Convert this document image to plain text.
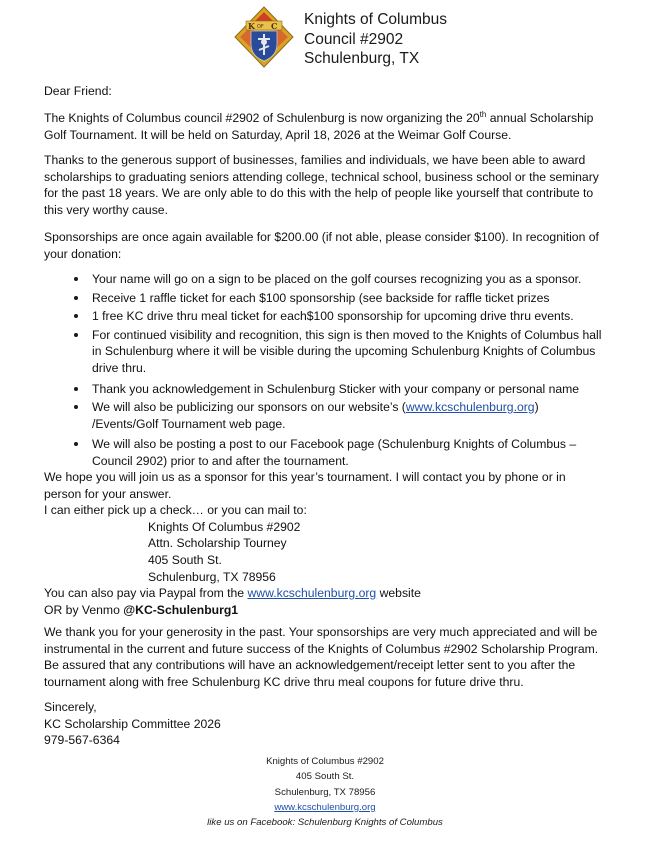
K OF C Knights of Columbus
Council #2902
Schulenburg, TX

Dear Friend:

The Knights of Columbus council #2902 of Schulenburg is now organizing the 20th annual Scholarship Golf Tournament. It will be held on Saturday, April 18, 2026 at the Weimar Golf Course.

Thanks to the generous support of businesses, families and individuals, we have been able to award scholarships to graduating seniors attending college, technical school, business school or the seminary for the past 18 years. We are only able to do this with the help of people like yourself that contribute to this very worthy cause.

Sponsorships are once again available for $200.00 (if not able, please consider $100). In recognition of your donation:

Your name will go on a sign to be placed on the golf courses recognizing you as a sponsor.
Receive 1 raffle ticket for each $100 sponsorship (see backside for raffle ticket prizes
1 free KC drive thru meal ticket for each$100 sponsorship for upcoming drive thru events.
For continued visibility and recognition, this sign is then moved to the Knights of Columbus hall in Schulenburg where it will be visible during the upcoming Schulenburg Knights of Columbus drive thru.
Thank you acknowledgement in Schulenburg Sticker with your company or personal name
We will also be publicizing our sponsors on our website’s (www.kcschulenburg.org) /Events/Golf Tournament web page.
We will also be posting a post to our Facebook page (Schulenburg Knights of Columbus – Council 2902) prior to and after the tournament.

We hope you will join us as a sponsor for this year’s tournament. I will contact you by phone or in person for your answer.

I can either pick up a check… or you can mail to:

Knights Of Columbus #2902
Attn. Scholarship Tourney
405 South St.
Schulenburg, TX 78956

You can also pay via Paypal from the www.kcschulenburg.org website

OR by Venmo @KC-Schulenburg1

We thank you for your generosity in the past. Your sponsorships are very much appreciated and will be instrumental in the current and future success of the Knights of Columbus #2902 Scholarship Program. Be assured that any contributions will have an acknowledgement/receipt letter sent to you after the tournament along with free Schulenburg KC drive thru meal coupons for future drive thru.

Sincerely,
KC Scholarship Committee 2026
979-567-6364
Knights of Columbus #2902
405 South St.
Schulenburg, TX 78956
www.kcschulenburg.org
like us on Facebook: Schulenburg Knights of Columbus
